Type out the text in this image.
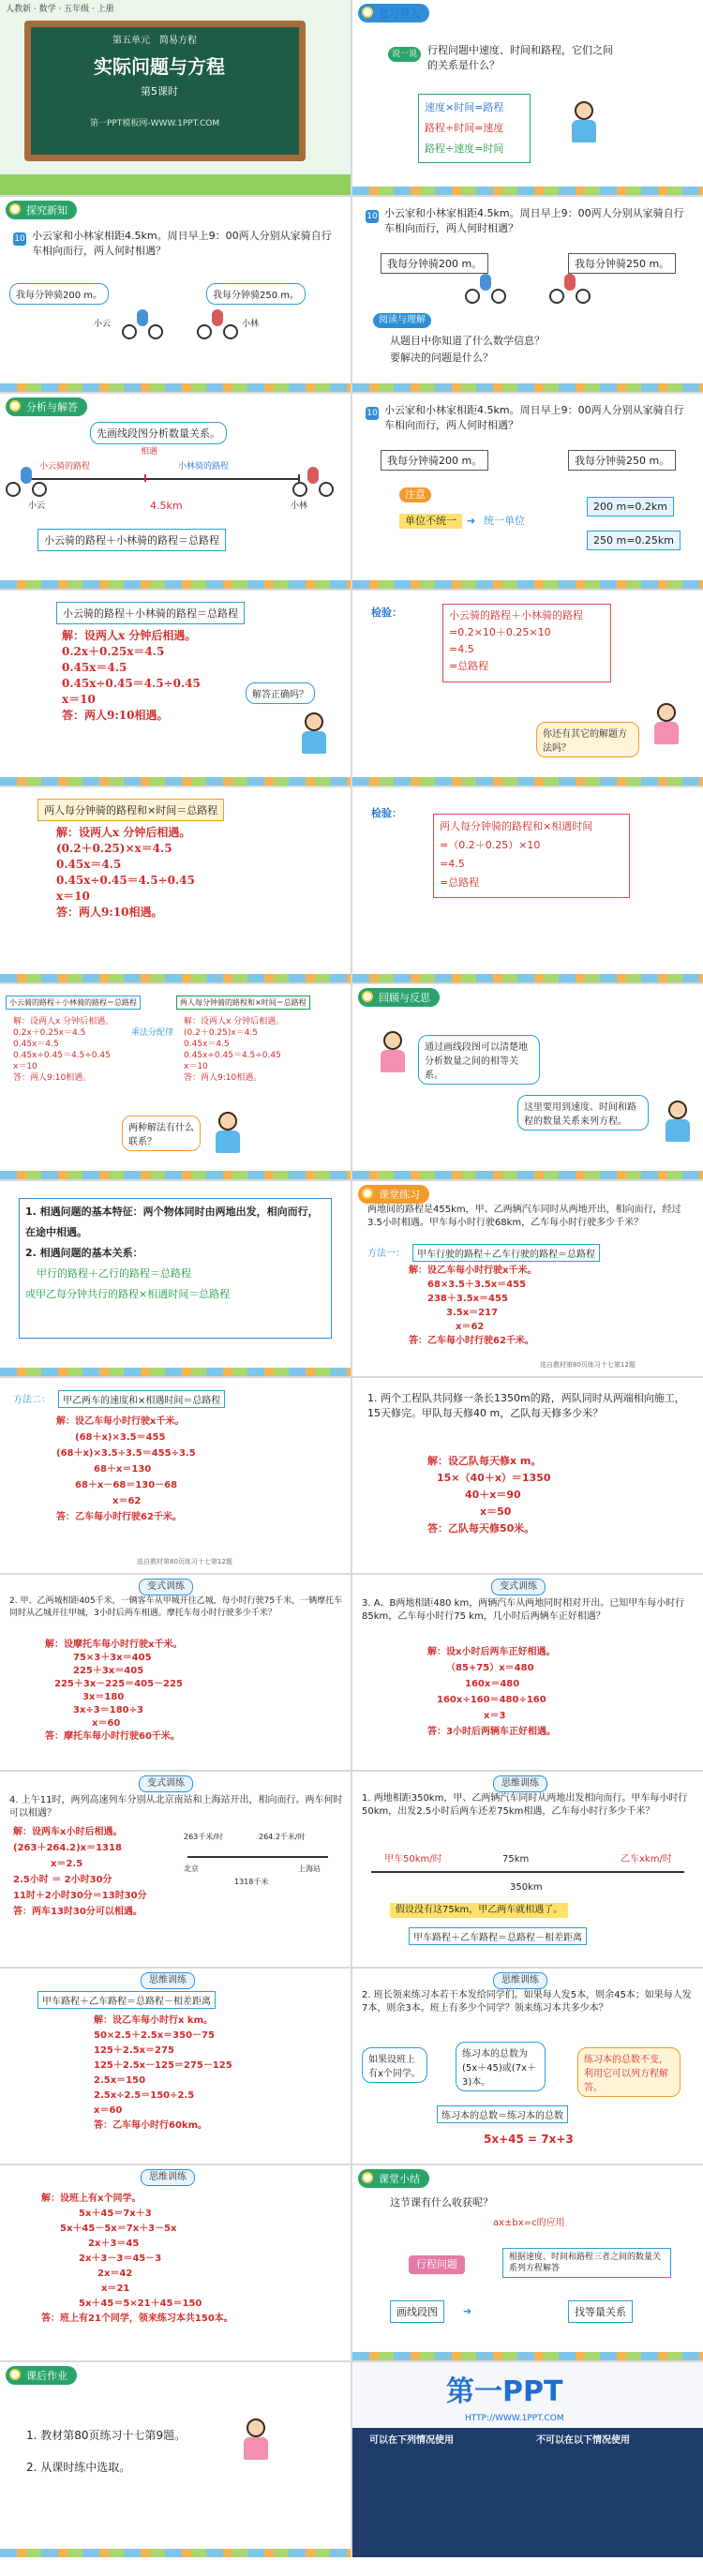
人教新 · 数学 · 五年级 · 上册
第五单元　简易方程
实际问题与方程
第5课时
第一PPT模板网-WWW.1PPT.COM
复习导入
说一说 行程问题中速度、时间和路程，它们之间的关系是什么？
速度×时间=路程
路程÷时间=速度
路程÷速度=时间
探究新知
10 小云家和小林家相距4.5km。周日早上9：00两人分别从家骑自行车相向而行，两人何时相遇？
我每分钟骑200 m。	我每分钟骑250 m。
小云	小林
10 小云家和小林家相距4.5km。周日早上9：00两人分别从家骑自行车相向而行，两人何时相遇？
我每分钟骑200 m。	我每分钟骑250 m。
阅读与理解
从题目中你知道了什么数学信息？
要解决的问题是什么？
分析与解答
先画线段图分析数量关系。
相遇
小云骑的路程	小林骑的路程
小云	小林
4.5km
小云骑的路程＋小林骑的路程＝总路程
10 小云家和小林家相距4.5km。周日早上9：00两人分别从家骑自行车相向而行，两人何时相遇？
我每分钟骑200 m。	我每分钟骑250 m。
注意
单位不统一	➜ 统一单位
200 m=0.2km
250 m=0.25km
小云骑的路程＋小林骑的路程＝总路程
解：设两人x 分钟后相遇。
0.2x＋0.25x＝4.5
0.45x＝4.5
0.45x÷0.45＝4.5÷0.45
x＝10
答：两人9:10相遇。
解答正确吗？
检验：	小云骑的路程＋小林骑的路程
=0.2×10＋0.25×10
=4.5
=总路程
你还有其它的解题方法吗？
两人每分钟骑的路程和×时间＝总路程
解：设两人x 分钟后相遇。
(0.2＋0.25)×x＝4.5
0.45x＝4.5
0.45x÷0.45＝4.5÷0.45
x＝10
答：两人9:10相遇。
检验：
两人每分钟骑的路程和×相遇时间
=（0.2＋0.25）×10
=4.5
=总路程
小云骑的路程＋小林骑的路程＝总路程	两人每分钟骑的路程和×时间＝总路程
解：设两人x 分钟后相遇。
0.2x＋0.25x＝4.5
0.45x＝4.5
0.45x÷0.45＝4.5÷0.45
x＝10
答：两人9:10相遇。
乘法分配律
解：设两人x 分钟后相遇。
(0.2＋0.25)x＝4.5
0.45x＝4.5
0.45x÷0.45＝4.5÷0.45
x＝10
答：两人9:10相遇。
两种解法有什么联系？
回顾与反思
通过画线段图可以清楚地分析数量之间的相等关系。
这里要用到速度、时间和路程的数量关系来列方程。
1. 相遇问题的基本特征：两个物体同时由两地出发，相向而行，在途中相遇。
2. 相遇问题的基本关系：
甲行的路程＋乙行的路程＝总路程
或甲乙每分钟共行的路程×相遇时间＝总路程
课堂练习
两地间的路程是455km，甲、乙两辆汽车同时从两地开出，相向而行，经过3.5小时相遇。甲车每小时行驶68km，乙车每小时行驶多少千米？
方法一：	甲车行驶的路程＋乙车行驶的路程＝总路程
解：设乙车每小时行驶x千米。
68×3.5＋3.5x＝455
238＋3.5x＝455
3.5x＝217
x＝62
答：乙车每小时行驶62千米。
选自教材第80页练习十七第12题
方法二：	甲乙两车的速度和×相遇时间＝总路程
解：设乙车每小时行驶x千米。
(68＋x)×3.5＝455
(68＋x)×3.5÷3.5＝455÷3.5
68＋x＝130
68＋x－68＝130－68
x＝62
答：乙车每小时行驶62千米。
选自教材第80页练习十七第12题
1. 两个工程队共同修一条长1350m的路，两队同时从两端相向施工，15天修完。甲队每天修40 m，乙队每天修多少米？
解：设乙队每天修x m。
15×（40＋x）＝1350
40＋x＝90
x＝50
答：乙队每天修50米。
变式训练
2. 甲、乙两城相距405千米，一辆客车从甲城开往乙城，每小时行驶75千米，一辆摩托车同时从乙城开往甲城，3小时后两车相遇。摩托车每小时行驶多少千米？
解：设摩托车每小时行驶x千米。
75×3＋3x＝405
225＋3x＝405
225＋3x－225＝405－225
3x＝180
3x÷3＝180÷3
x＝60
答：摩托车每小时行驶60千米。
变式训练
3. A、B两地相距480 km，两辆汽车从两地同时相对开出。已知甲车每小时行85km，乙车每小时行75 km，几小时后两辆车正好相遇？
解：设x小时后两车正好相遇。
（85+75）x＝480
160x＝480
160x÷160＝480÷160
x＝3
答：3小时后两辆车正好相遇。
变式训练
4. 上午11时，两列高速列车分别从北京南站和上海站开出，相向而行。两车何时可以相遇？
解：设两车x小时后相遇。
(263＋264.2)x＝1318
x＝2.5
2.5小时 ＝ 2小时30分
11时＋2小时30分＝13时30分
答：两车13时30分可以相遇。
263千米/时	264.2千米/时
北京	上海站
1318千米
思维训练
1. 两地相距350km，甲、乙两辆汽车同时从两地出发相向而行。甲车每小时行50km，出发2.5小时后两车还差75km相遇，乙车每小时行多少千米？
甲车50km/时	75km	乙车xkm/时
350km
假设没有这75km，甲乙两车就相遇了。
甲车路程＋乙车路程＝总路程－相差距离
思维训练
甲车路程＋乙车路程＝总路程－相差距离
解：设乙车每小时行x km。
50×2.5＋2.5x＝350－75
125＋2.5x＝275
125＋2.5x－125＝275－125
2.5x＝150
2.5x÷2.5＝150÷2.5
x＝60
答：乙车每小时行60km。
思维训练
2. 班长领来练习本若干本发给同学们。如果每人发5本，则余45本；如果每人发7本，则余3本。班上有多少个同学？领来练习本共多少本？
如果设班上有x个同学。
练习本的总数为(5x＋45)或(7x＋3)本。
练习本的总数不变，利用它可以列方程解答。
练习本的总数＝练习本的总数
5x+45 = 7x+3
思维训练
解：设班上有x个同学。
5x＋45＝7x＋3
5x＋45－5x＝7x＋3－5x
2x＋3＝45
2x＋3－3＝45－3
2x＝42
x＝21
5x＋45＝5×21＋45＝150
答：班上有21个同学，领来练习本共150本。
课堂小结
这节课有什么收获呢？
ax±bx=c的应用
行程问题
根据速度、时间和路程三者之间的数量关系列方程解答
画线段图	➜	找等量关系
课后作业
1. 教材第80页练习十七第9题。
2. 从课时练中选取。
第一PPT
HTTP://WWW.1PPT.COM
可以在下列情况使用	不可以在以下情况使用
